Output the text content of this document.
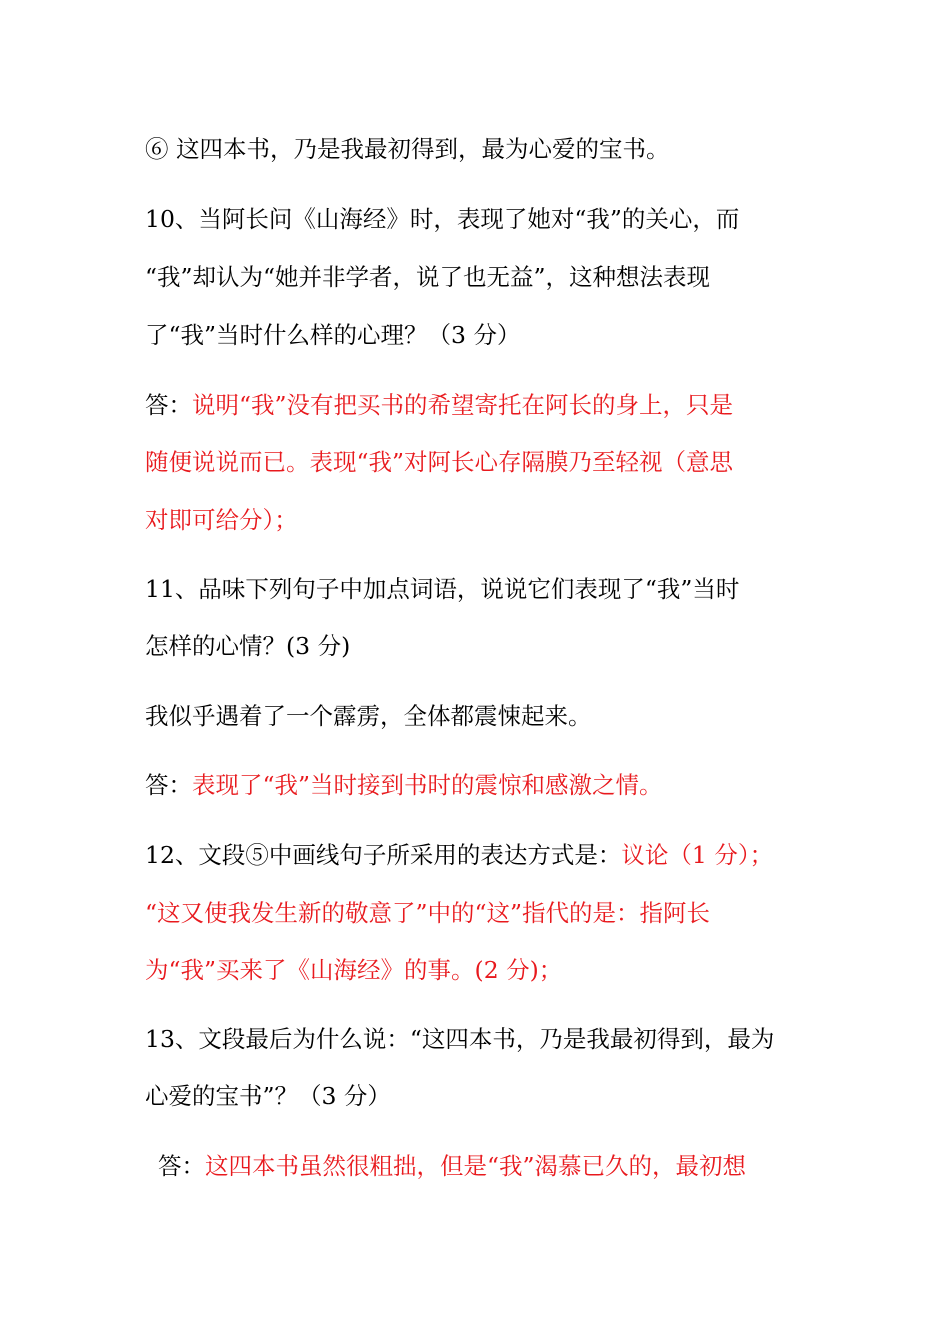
⑥ 这四本书，乃是我最初得到，最为心爱的宝书。
10、当阿长问《山海经》时，表现了她对“我”的关心，而
“我”却认为“她并非学者，说了也无益”，这种想法表现
了“我”当时什么样的心理？（3 分）
答：说明“我”没有把买书的希望寄托在阿长的身上，只是
随便说说而已。表现“我”对阿长心存隔膜乃至轻视（意思
对即可给分）；
11、品味下列句子中加点词语，说说它们表现了“我”当时
怎样的心情？(3 分)
我似乎遇着了一个霹雳，全体都震悚起来。
答：表现了“我”当时接到书时的震惊和感激之情。
12、文段⑤中画线句子所采用的表达方式是：议论（1 分）；
“这又使我发生新的敬意了”中的“这”指代的是：指阿长
为“我”买来了《山海经》的事。(2 分)；
13、文段最后为什么说：“这四本书，乃是我最初得到，最为
心爱的宝书”？（3 分）
答：这四本书虽然很粗拙，但是“我”渴慕已久的，最初想
